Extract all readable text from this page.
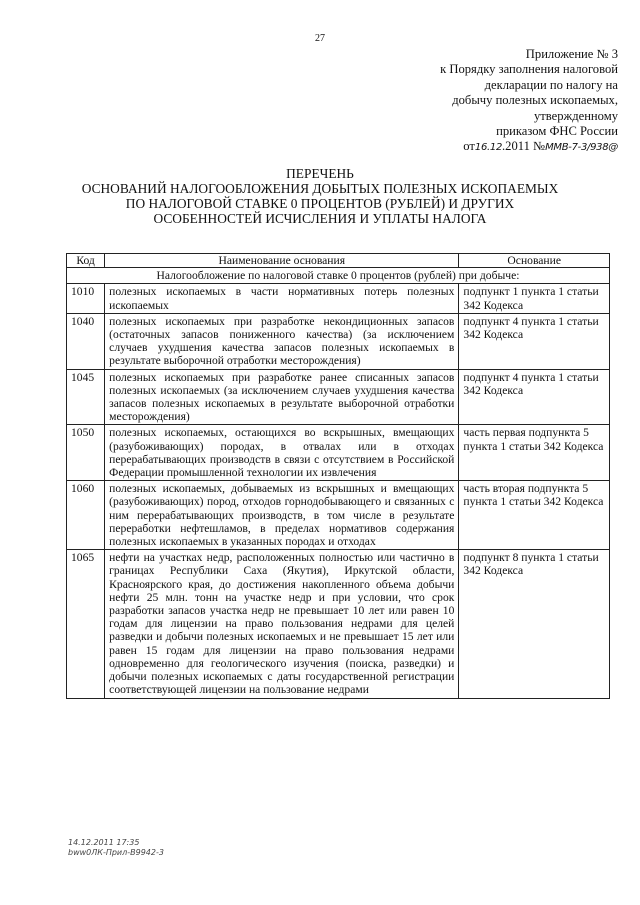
27
Приложение № 3
к Порядку заполнения налоговой
декларации по налогу на
добычу полезных ископаемых,
утвержденному
приказом ФНС России
от16.12.2011 №ММВ-7-3/938@
ПЕРЕЧЕНЬ
ОСНОВАНИЙ НАЛОГООБЛОЖЕНИЯ ДОБЫТЫХ ПОЛЕЗНЫХ ИСКОПАЕМЫХ
ПО НАЛОГОВОЙ СТАВКЕ 0 ПРОЦЕНТОВ (РУБЛЕЙ) И ДРУГИХ
ОСОБЕННОСТЕЙ ИСЧИСЛЕНИЯ И УПЛАТЫ НАЛОГА
Код	Наименование основания	Основание
Налогообложение по налоговой ставке 0 процентов (рублей) при добыче:		
1010	полезных ископаемых в части нормативных потерь полезных ископаемых	подпункт 1 пункта 1 статьи 342 Кодекса
1040	полезных ископаемых при разработке некондиционных запасов (остаточных запасов пониженного качества) (за исключением случаев ухудшения качества запасов полезных ископаемых в результате выборочной отработки месторождения)	подпункт 4 пункта 1 статьи 342 Кодекса
1045	полезных ископаемых при разработке ранее списанных запасов полезных ископаемых (за исключением случаев ухудшения качества запасов полезных ископаемых в результате выборочной отработки месторождения)	подпункт 4 пункта 1 статьи 342 Кодекса
1050	полезных ископаемых, остающихся во вскрышных, вмещающих (разубоживающих) породах, в отвалах или в отходах перерабатывающих производств в связи с отсутствием в Российской Федерации промышленной технологии их извлечения	часть первая подпункта 5 пункта 1 статьи 342 Кодекса
1060	полезных ископаемых, добываемых из вскрышных и вмещающих (разубоживающих) пород, отходов горнодобывающего и связанных с ним перерабатывающих производств, в том числе в результате переработки нефтешламов, в пределах нормативов содержания полезных ископаемых в указанных породах и отходах	часть вторая подпункта 5 пункта 1 статьи 342 Кодекса
1065	нефти на участках недр, расположенных полностью или частично в границах Республики Саха (Якутия), Иркутской области, Красноярского края, до достижения накопленного объема добычи нефти 25 млн. тонн на участке недр и при условии, что срок разработки запасов участка недр не превышает 10 лет или равен 10 годам для лицензии на право пользования недрами для целей разведки и добычи полезных ископаемых и не превышает 15 лет или равен 15 годам для лицензии на право пользования недрами одновременно для геологического изучения (поиска, разведки) и добычи полезных ископаемых с даты государственной регистрации соответствующей лицензии на пользование недрами	подпункт 8 пункта 1 статьи 342 Кодекса
14.12.2011 17:35
bww0ЛК-Прил-В9942-3
